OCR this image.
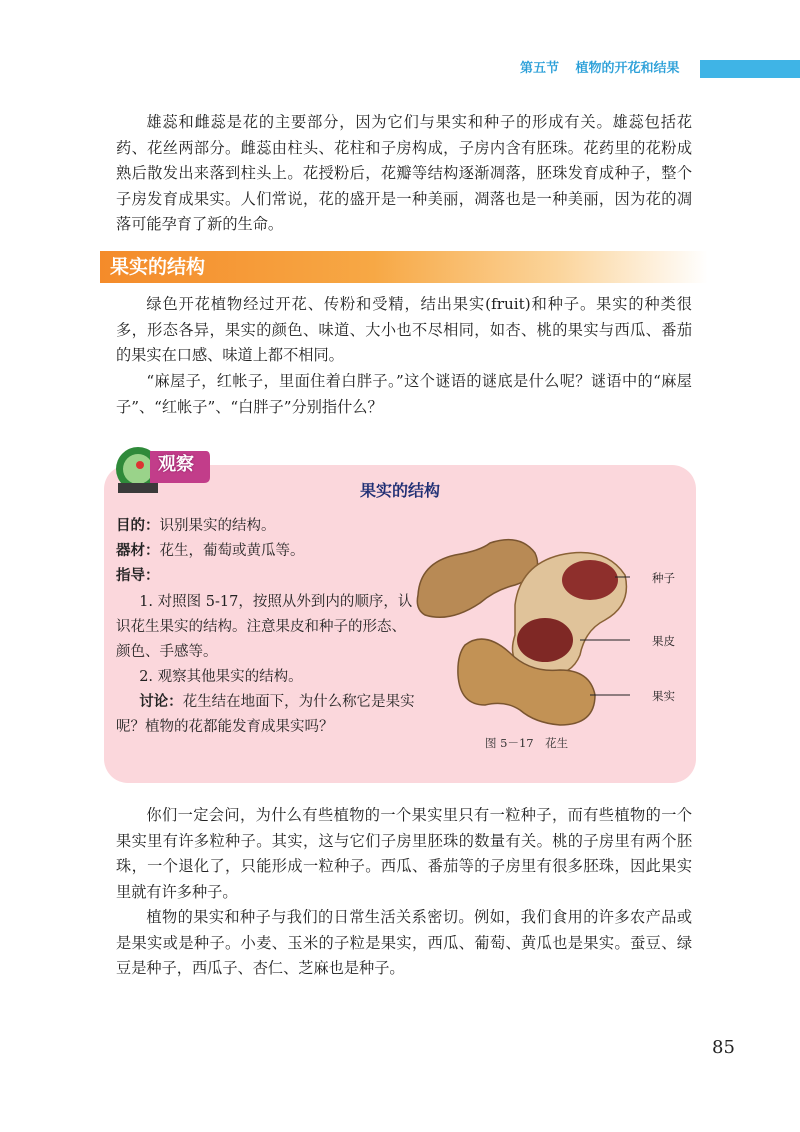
第五节 植物的开花和结果

雄蕊和雌蕊是花的主要部分，因为它们与果实和种子的形成有关。雄蕊包括花药、花丝两部分。雌蕊由柱头、花柱和子房构成，子房内含有胚珠。花药里的花粉成熟后散发出来落到柱头上。花授粉后，花瓣等结构逐渐凋落，胚珠发育成种子，整个子房发育成果实。人们常说，花的盛开是一种美丽，凋落也是一种美丽，因为花的凋落可能孕育了新的生命。

果实的结构

绿色开花植物经过开花、传粉和受精，结出果实(fruit)和种子。果实的种类很多，形态各异，果实的颜色、味道、大小也不尽相同，如杏、桃的果实与西瓜、番茄的果实在口感、味道上都不相同。

“麻屋子，红帐子，里面住着白胖子。”这个谜语的谜底是什么呢？谜语中的“麻屋子”、“红帐子”、“白胖子”分别指什么？

观察
果实的结构

目的：识别果实的结构。

器材：花生，葡萄或黄瓜等。

指导：

1. 对照图 5-17，按照从外到内的顺序，认识花生果实的结构。注意果皮和种子的形态、颜色、手感等。

2. 观察其他果实的结构。

讨论：花生结在地面下，为什么称它是果实呢？植物的花都能发育成果实吗？

种子
果皮
果实
图 5－17　花生

你们一定会问，为什么有些植物的一个果实里只有一粒种子，而有些植物的一个果实里有许多粒种子。其实，这与它们子房里胚珠的数量有关。桃的子房里有两个胚珠，一个退化了，只能形成一粒种子。西瓜、番茄等的子房里有很多胚珠，因此果实里就有许多种子。

植物的果实和种子与我们的日常生活关系密切。例如，我们食用的许多农产品或是果实或是种子。小麦、玉米的子粒是果实，西瓜、葡萄、黄瓜也是果实。蚕豆、绿豆是种子，西瓜子、杏仁、芝麻也是种子。

85
